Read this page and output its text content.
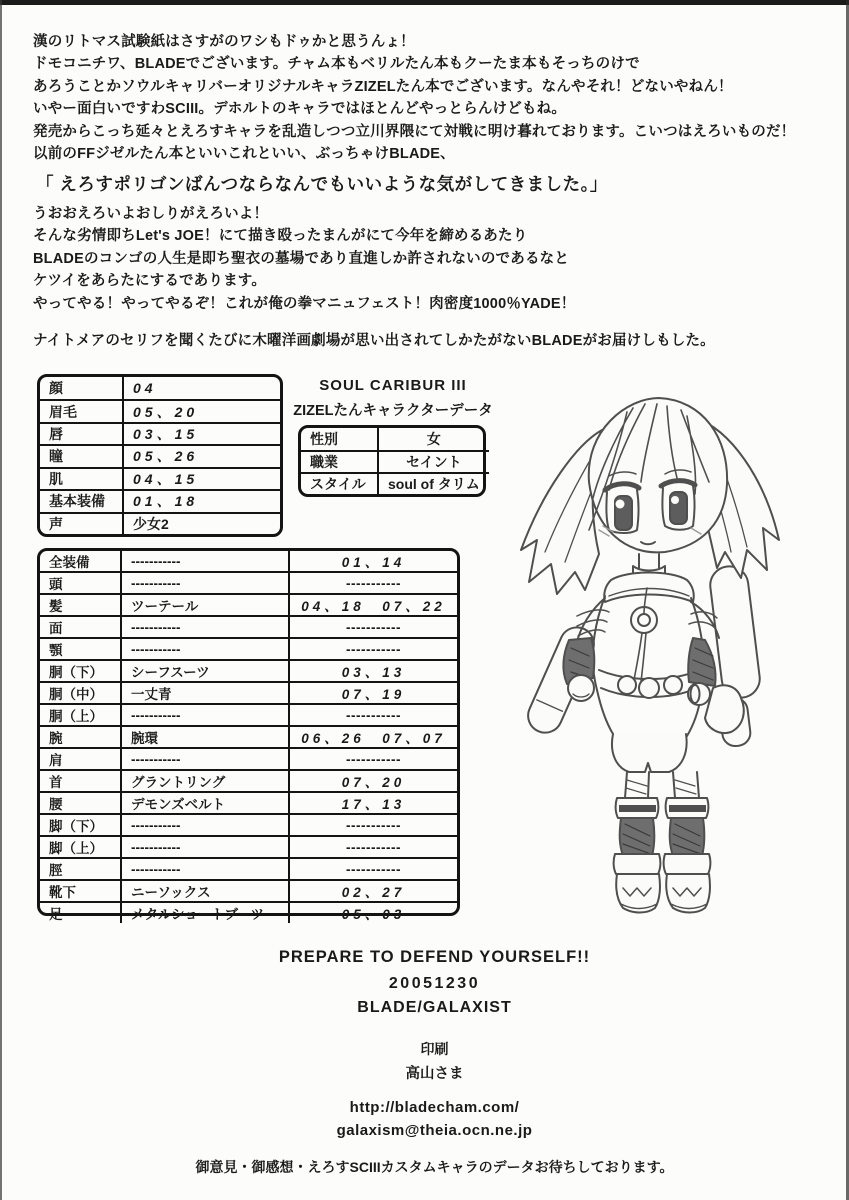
漢のリトマス試験紙はさすがのワシもドゥかと思うんょ！
ドモコニチワ、BLADEでございます。チャム本もベリルたん本もクーたま本もそっちのけで
あろうことかソウルキャリバーオリジナルキャラZIZELたん本でございます。なんやそれ！どないやねん！
いやー面白いですわSCIII。デホルトのキャラではほとんどやっとらんけどもね。
発売からこっち延々とえろすキャラを乱造しつつ立川界隈にて対戦に明け暮れております。こいつはえろいものだ！
以前のFFジゼルたん本といいこれといい、ぶっちゃけBLADE、
「 えろすポリゴンばんつならなんでもいいような気がしてきました。」
うおおえろいよおしりがえろいよ！
そんな劣情即ちLet's JOE！にて描き殴ったまんがにて今年を締めるあたり
BLADEのコンゴの人生是即ち聖衣の墓場であり直進しか許されないのであるなと
ケツイをあらたにするであります。
やってやる！やってやるぞ！これが俺の拳マニュフェスト！肉密度1000％YADE！
ナイトメアのセリフを聞くたびに木曜洋画劇場が思い出されてしかたがないBLADEがお届けしもした。
顔	04
眉毛	05、20
唇	03、15
瞳	05、26
肌	04、15
基本装備	01、18
声	少女2
SOUL CARIBUR III
ZIZELたんキャラクターデータ
性別	女
職業	セイント
スタイル	soul of タリム
全装備	-----------	01、14
頭	-----------	-----------
髪	ツーテール	04、18　07、22
面	-----------	-----------
顎	-----------	-----------
胴（下）	シーフスーツ	03、13
胴（中）	一丈青	07、19
胴（上）	-----------	-----------
腕	腕環	06、26　07、07
肩	-----------	-----------
首	グラントリング	07、20
腰	デモンズベルト	17、13
脚（下）	-----------	-----------
脚（上）	-----------	-----------
脛	-----------	-----------
靴下	ニーソックス	02、27
足	メタルショートブーツ	05、03
PREPARE TO DEFEND YOURSELF!!
20051230
BLADE/GALAXIST
印刷
高山さま
http://bladecham.com/
galaxism@theia.ocn.ne.jp
御意見・御感想・えろすSCIIIカスタムキャラのデータお待ちしております。
